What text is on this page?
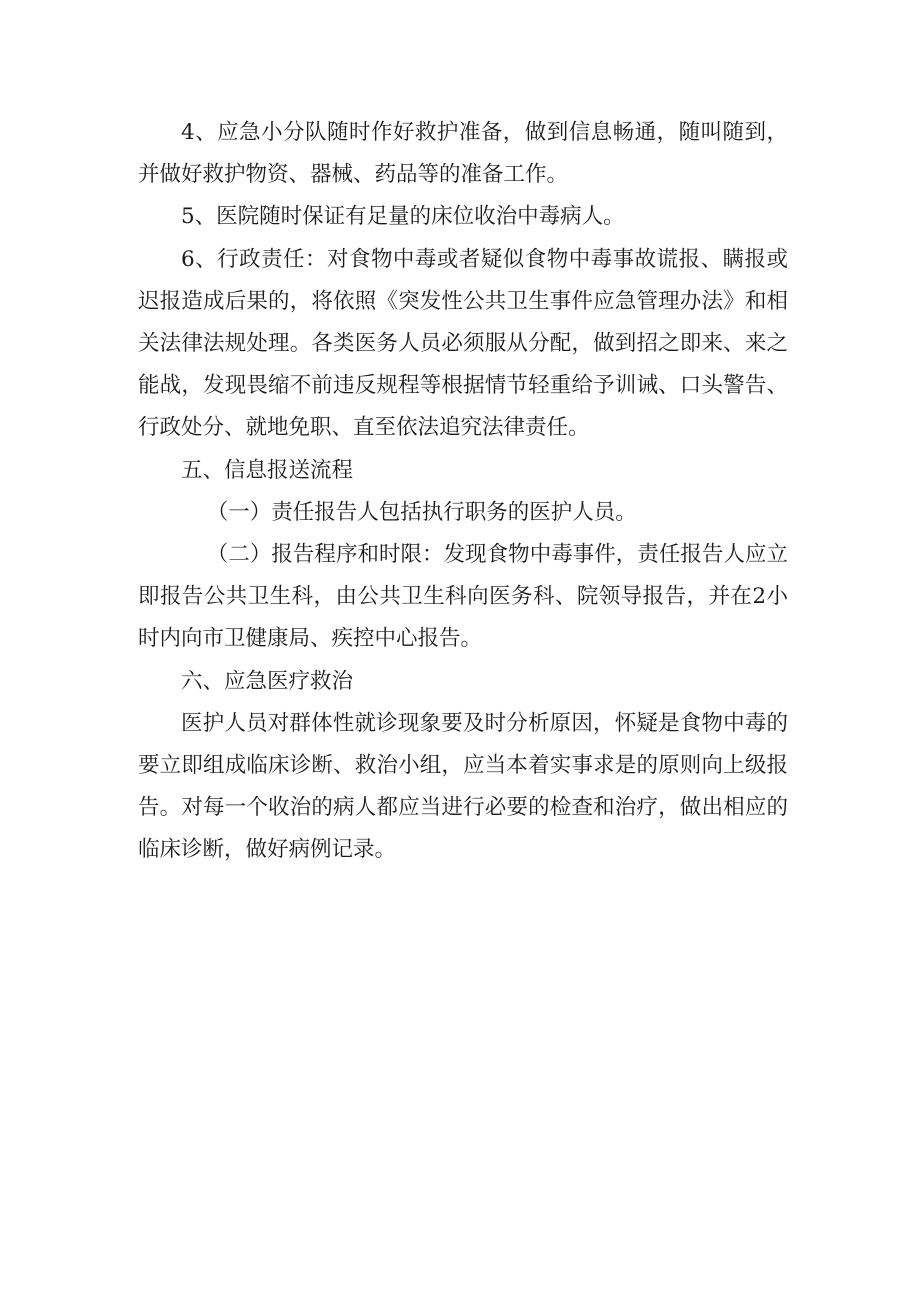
4、应急小分队随时作好救护准备，做到信息畅通，随叫随到，并做好救护物资、器械、药品等的准备工作。

5、医院随时保证有足量的床位收治中毒病人。

6、行政责任：对食物中毒或者疑似食物中毒事故谎报、瞒报或迟报造成后果的，将依照《突发性公共卫生事件应急管理办法》和相关法律法规处理。各类医务人员必须服从分配，做到招之即来、来之能战，发现畏缩不前违反规程等根据情节轻重给予训诫、口头警告、行政处分、就地免职、直至依法追究法律责任。

五、信息报送流程

（一）责任报告人包括执行职务的医护人员。

（二）报告程序和时限：发现食物中毒事件，责任报告人应立即报告公共卫生科，由公共卫生科向医务科、院领导报告，并在2小时内向市卫健康局、疾控中心报告。

六、应急医疗救治

医护人员对群体性就诊现象要及时分析原因，怀疑是食物中毒的要立即组成临床诊断、救治小组，应当本着实事求是的原则向上级报告。对每一个收治的病人都应当进行必要的检查和治疗，做出相应的临床诊断，做好病例记录。
